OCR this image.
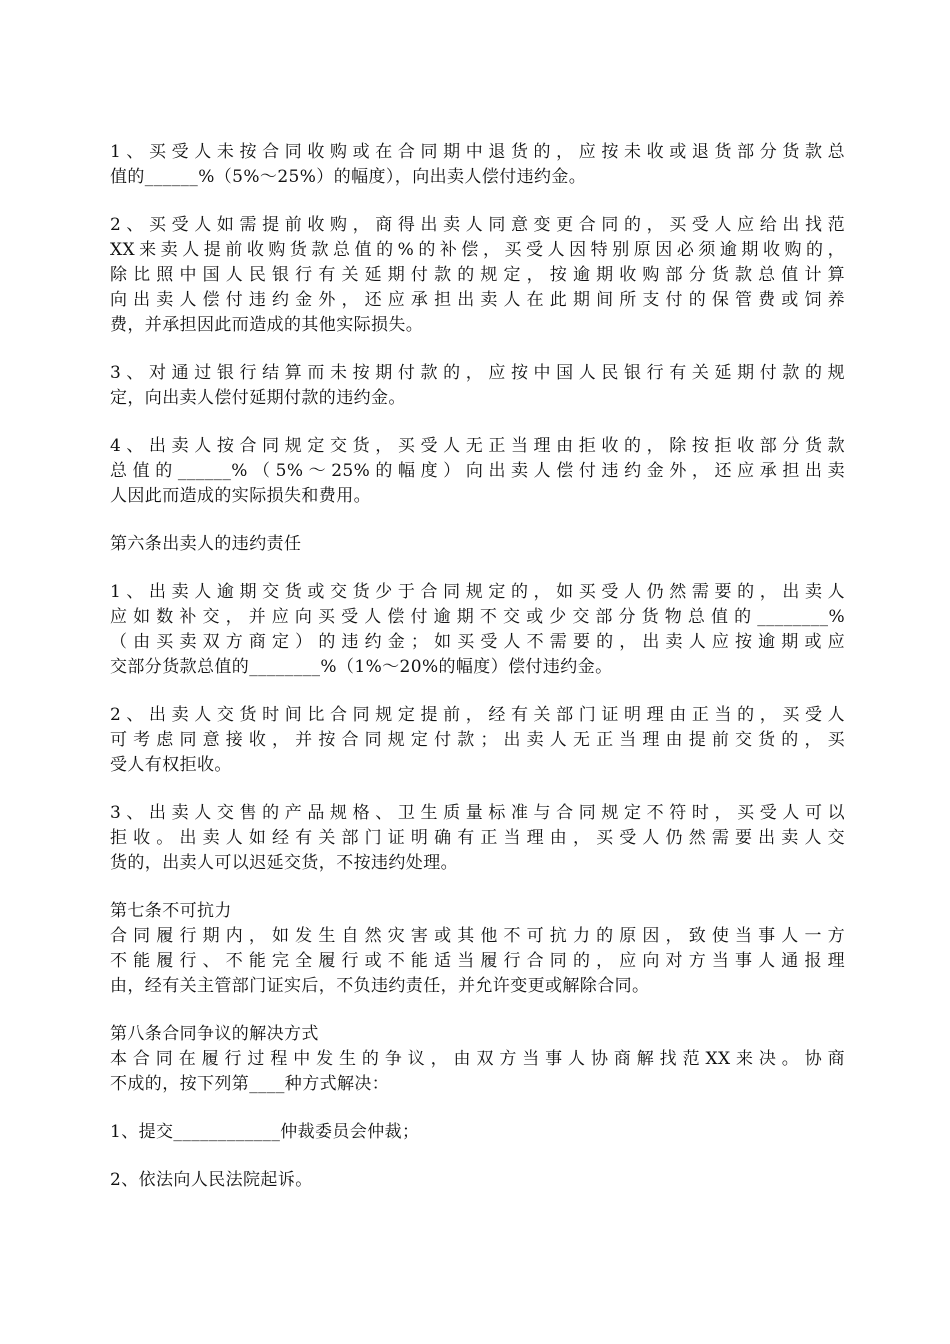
1、买受人未按合同收购或在合同期中退货的，应按未收或退货部分货款总
值的______%（5%～25%）的幅度），向出卖人偿付违约金。
2、买受人如需提前收购，商得出卖人同意变更合同的，买受人应给出找范
XX来卖人提前收购货款总值的%的补偿，买受人因特别原因必须逾期收购的，
除比照中国人民银行有关延期付款的规定，按逾期收购部分货款总值计算
向出卖人偿付违约金外，还应承担出卖人在此期间所支付的保管费或饲养
费，并承担因此而造成的其他实际损失。
3、对通过银行结算而未按期付款的，应按中国人民银行有关延期付款的规
定，向出卖人偿付延期付款的违约金。
4、出卖人按合同规定交货，买受人无正当理由拒收的，除按拒收部分货款
总值的______%（5%～25%的幅度）向出卖人偿付违约金外，还应承担出卖
人因此而造成的实际损失和费用。
第六条出卖人的违约责任
1、出卖人逾期交货或交货少于合同规定的，如买受人仍然需要的，出卖人
应如数补交，并应向买受人偿付逾期不交或少交部分货物总值的________%
（由买卖双方商定）的违约金；如买受人不需要的，出卖人应按逾期或应
交部分货款总值的________%（1%～20%的幅度）偿付违约金。
2、出卖人交货时间比合同规定提前，经有关部门证明理由正当的，买受人
可考虑同意接收，并按合同规定付款；出卖人无正当理由提前交货的，买
受人有权拒收。
3、出卖人交售的产品规格、卫生质量标准与合同规定不符时，买受人可以
拒收。出卖人如经有关部门证明确有正当理由，买受人仍然需要出卖人交
货的，出卖人可以迟延交货，不按违约处理。
第七条不可抗力
合同履行期内，如发生自然灾害或其他不可抗力的原因，致使当事人一方
不能履行、不能完全履行或不能适当履行合同的，应向对方当事人通报理
由，经有关主管部门证实后，不负违约责任，并允许变更或解除合同。
第八条合同争议的解决方式
本合同在履行过程中发生的争议，由双方当事人协商解找范XX来决。协商
不成的，按下列第____种方式解决：
1、提交____________仲裁委员会仲裁；
2、依法向人民法院起诉。
